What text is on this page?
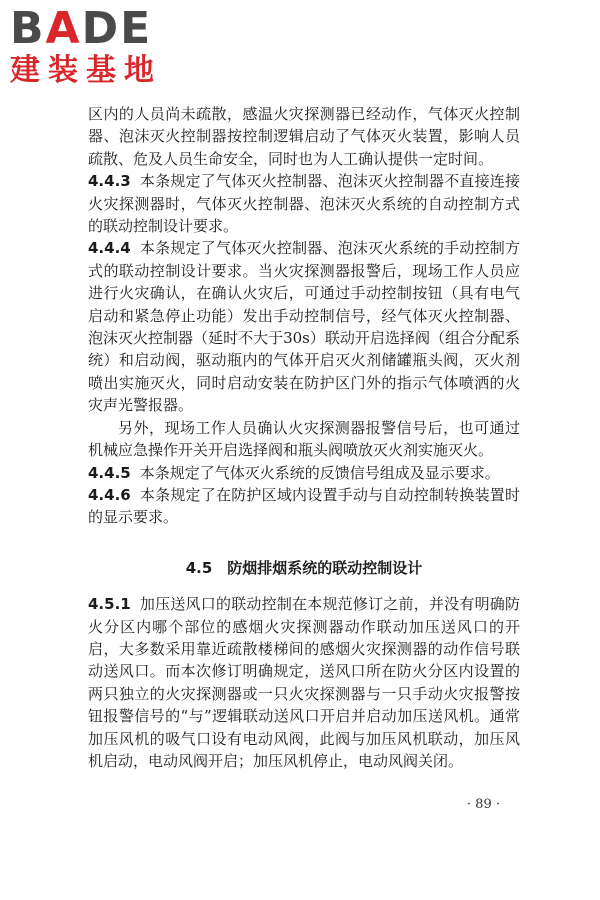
BADE
建装基地

区内的人员尚未疏散，感温火灾探测器已经动作，气体灭火控制器、泡沫灭火控制器按控制逻辑启动了气体灭火装置，影响人员疏散、危及人员生命安全，同时也为人工确认提供一定时间。

4.4.3 本条规定了气体灭火控制器、泡沫灭火控制器不直接连接火灾探测器时，气体灭火控制器、泡沫灭火系统的自动控制方式的联动控制设计要求。

4.4.4 本条规定了气体灭火控制器、泡沫灭火系统的手动控制方式的联动控制设计要求。当火灾探测器报警后，现场工作人员应进行火灾确认，在确认火灾后，可通过手动控制按钮（具有电气启动和紧急停止功能）发出手动控制信号，经气体灭火控制器、泡沫灭火控制器（延时不大于30s）联动开启选择阀（组合分配系统）和启动阀，驱动瓶内的气体开启灭火剂储罐瓶头阀，灭火剂喷出实施灭火，同时启动安装在防护区门外的指示气体喷洒的火灾声光警报器。

另外，现场工作人员确认火灾探测器报警信号后，也可通过机械应急操作开关开启选择阀和瓶头阀喷放灭火剂实施灭火。

4.4.5 本条规定了气体灭火系统的反馈信号组成及显示要求。

4.4.6 本条规定了在防护区域内设置手动与自动控制转换装置时的显示要求。

4.5 防烟排烟系统的联动控制设计

4.5.1 加压送风口的联动控制在本规范修订之前，并没有明确防火分区内哪个部位的感烟火灾探测器动作联动加压送风口的开启，大多数采用靠近疏散楼梯间的感烟火灾探测器的动作信号联动送风口。而本次修订明确规定，送风口所在防火分区内设置的两只独立的火灾探测器或一只火灾探测器与一只手动火灾报警按钮报警信号的“与”逻辑联动送风口开启并启动加压送风机。通常加压风机的吸气口设有电动风阀，此阀与加压风机联动，加压风机启动，电动风阀开启；加压风机停止，电动风阀关闭。

· 89 ·
